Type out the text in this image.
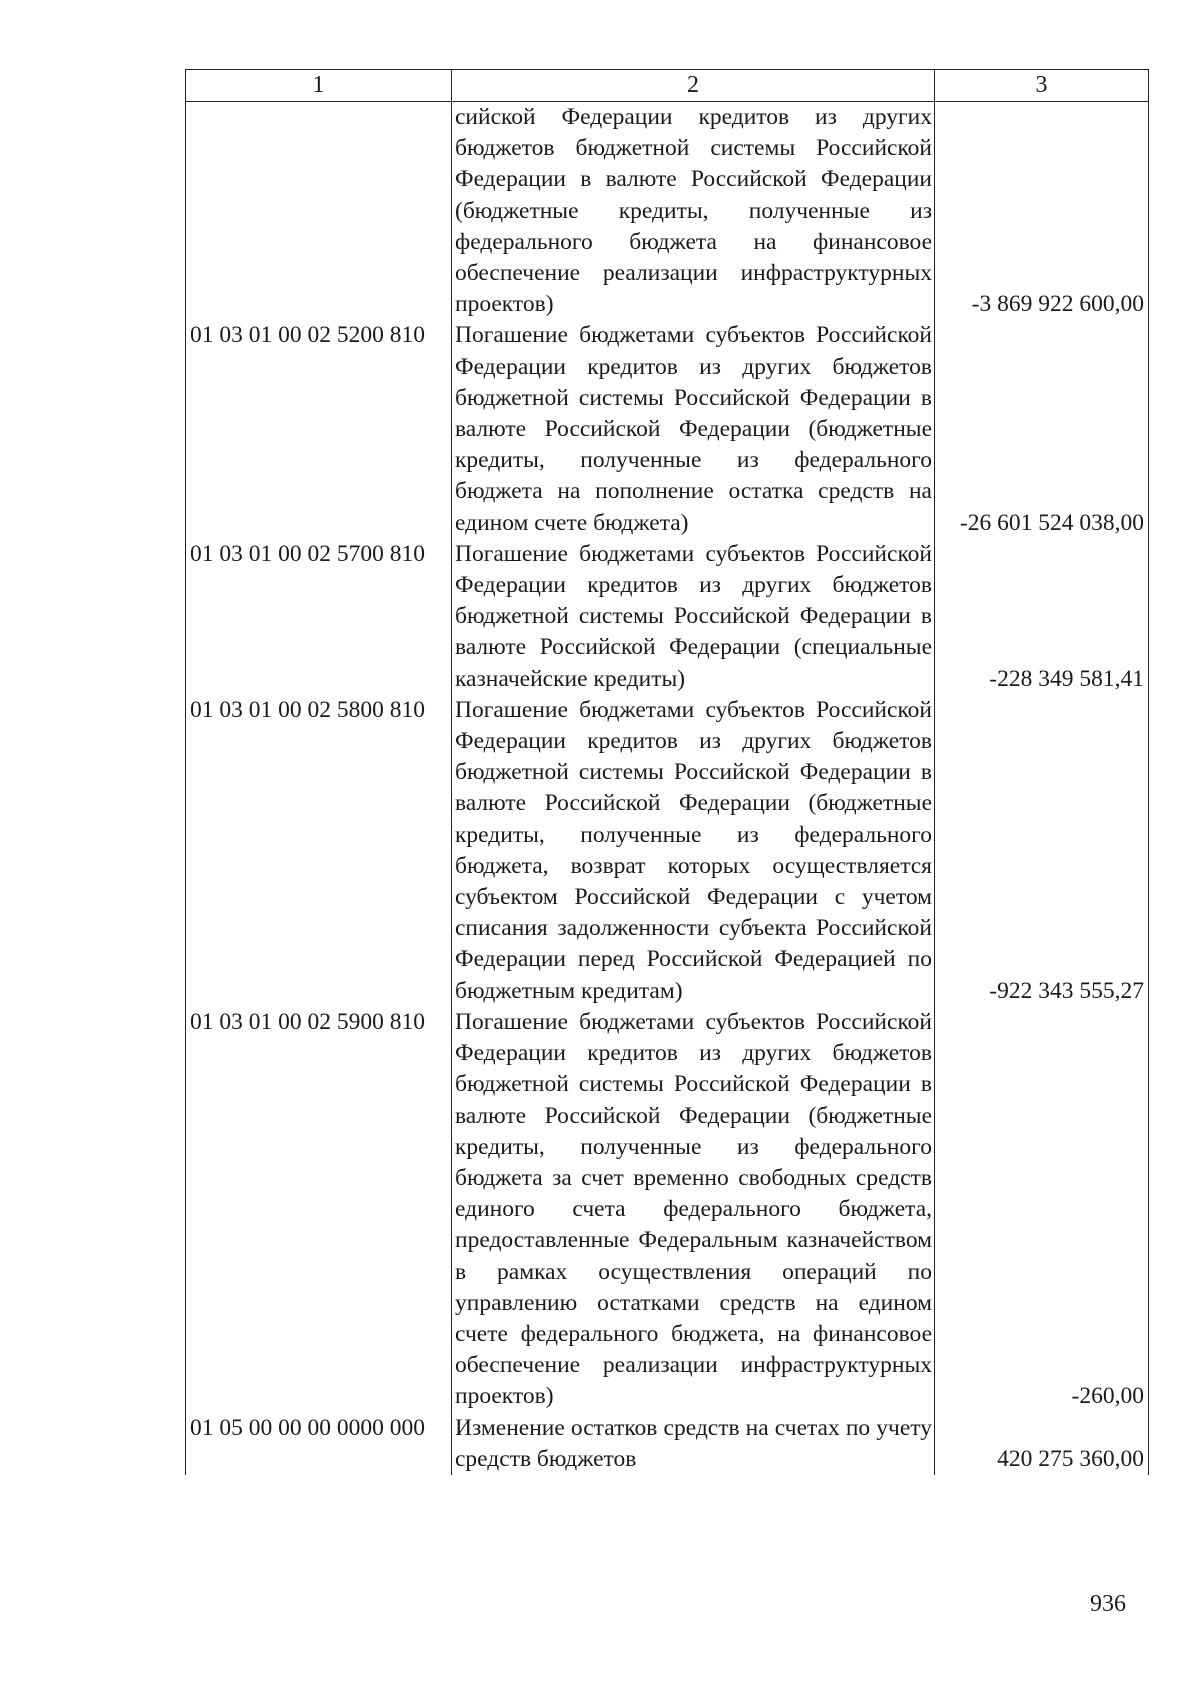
1	2	3
	сийской Федерации кредитов из других бюджетов бюджетной системы Российской Федерации в валюте Российской Федерации (бюджетные кредиты, полученные из федерального бюджета на финансовое обеспечение реализации инфраструктурных проектов)	-3 869 922 600,00
01 03 01 00 02 5200 810	Погашение бюджетами субъектов Российской Федерации кредитов из других бюджетов бюджетной системы Российской Федерации в валюте Российской Федерации (бюджетные кредиты, полученные из федерального бюджета на пополнение остатка средств на едином счете бюджета)	-26 601 524 038,00
01 03 01 00 02 5700 810	Погашение бюджетами субъектов Российской Федерации кредитов из других бюджетов бюджетной системы Российской Федерации в валюте Российской Федерации (специальные казначейские кредиты)	-228 349 581,41
01 03 01 00 02 5800 810	Погашение бюджетами субъектов Российской Федерации кредитов из других бюджетов бюджетной системы Российской Федерации в валюте Российской Федерации (бюджетные кредиты, полученные из федерального бюджета, возврат которых осуществляется субъектом Российской Федерации с учетом списания задолженности субъекта Российской Федерации перед Российской Федерацией по бюджетным кредитам)	-922 343 555,27
01 03 01 00 02 5900 810	Погашение бюджетами субъектов Российской Федерации кредитов из других бюджетов бюджетной системы Российской Федерации в валюте Российской Федерации (бюджетные кредиты, полученные из федерального бюджета за счет временно свободных средств единого счета федерального бюджета, предоставленные Федеральным казначейством в рамках осуществления операций по управлению остатками средств на едином счете федерального бюджета, на финансовое обеспечение реализации инфраструктурных проектов)	-260,00
01 05 00 00 00 0000 000	Изменение остатков средств на счетах по учету средств бюджетов	420 275 360,00
936
